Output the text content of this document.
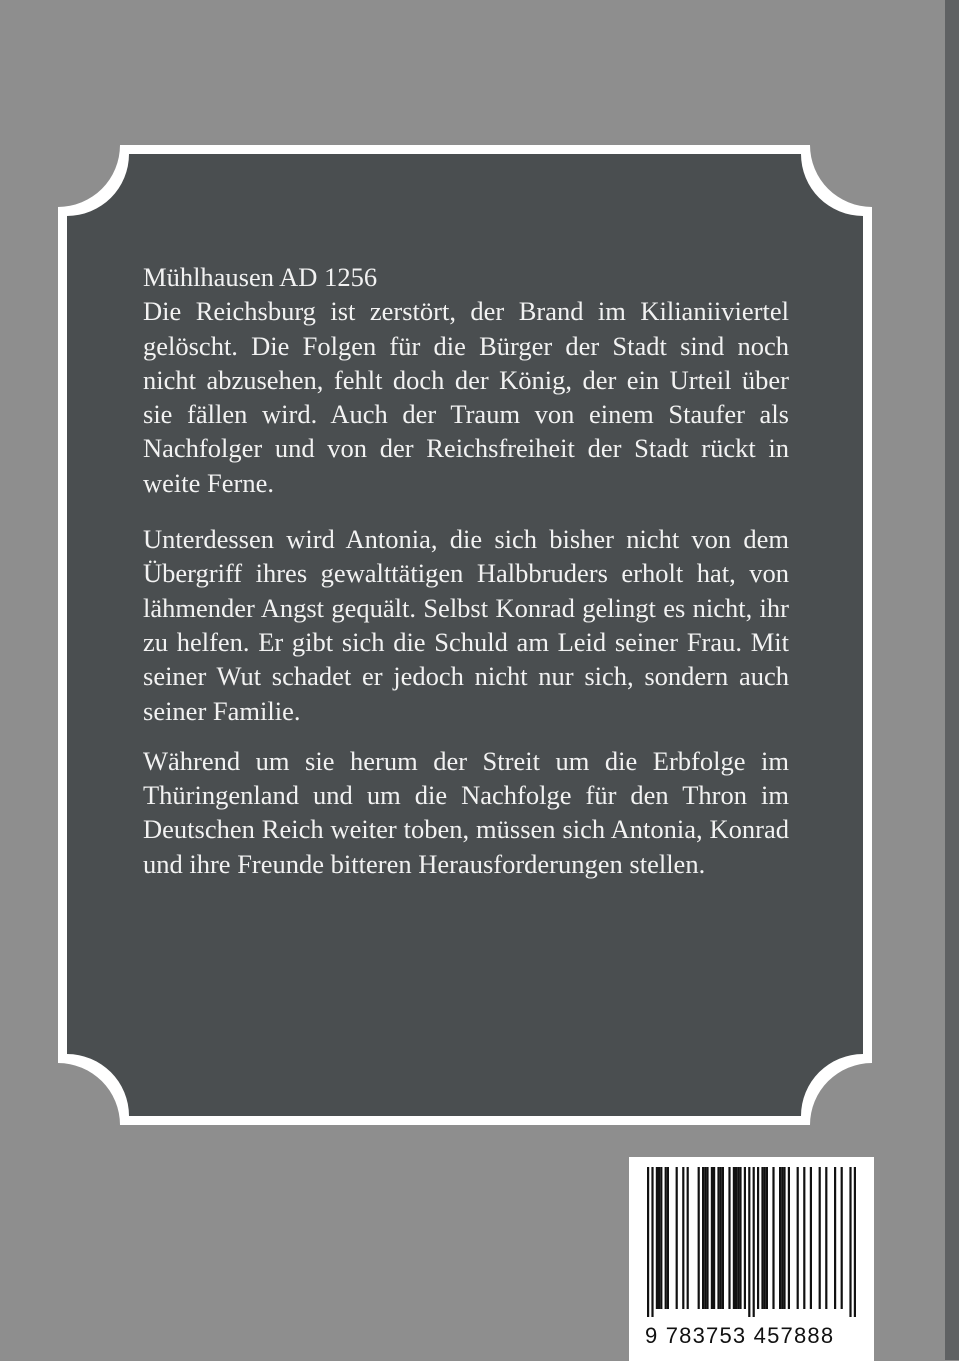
Mühlhausen AD 1256

Die Reichsburg ist zerstört, der Brand im Kilianiiviertel gelöscht. Die Folgen für die Bürger der Stadt sind noch nicht abzusehen, fehlt doch der König, der ein Urteil über sie fällen wird. Auch der Traum von einem Staufer als Nachfolger und von der Reichsfreiheit der Stadt rückt in weite Ferne.

Unterdessen wird Antonia, die sich bisher nicht von dem Übergriff ihres gewalttätigen Halbbruders erholt hat, von lähmender Angst gequält. Selbst Konrad gelingt es nicht, ihr zu helfen. Er gibt sich die Schuld am Leid seiner Frau. Mit seiner Wut schadet er jedoch nicht nur sich, sondern auch seiner Familie.

Während um sie herum der Streit um die Erbfolge im Thüringenland und um die Nachfolge für den Thron im Deutschen Reich weiter toben, müssen sich Antonia, Konrad und ihre Freunde bitteren Herausforderungen stellen.

9 783753 457888
